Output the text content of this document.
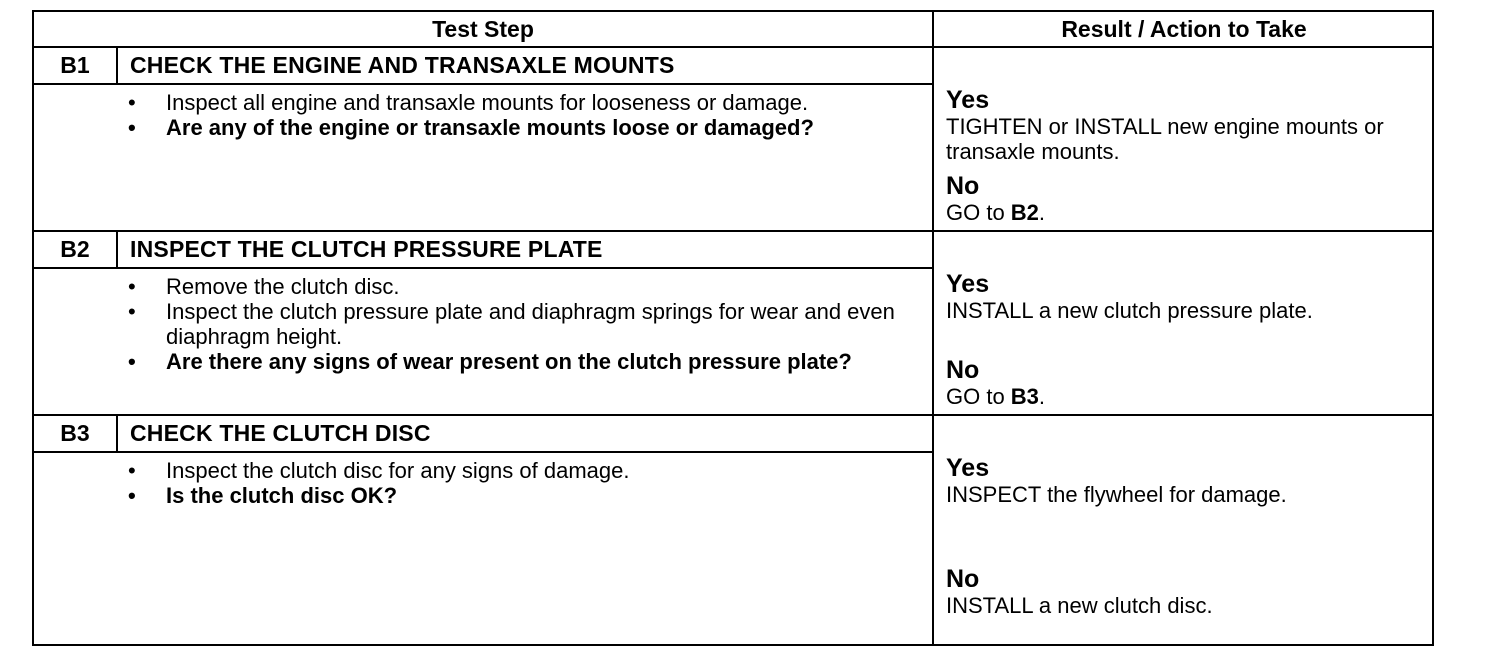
Test Step	Result / Action to Take
B1	CHECK THE ENGINE AND TRANSAXLE MOUNTS
• Inspect all engine and transaxle mounts for looseness or damage.
• Are any of the engine or transaxle mounts loose or damaged?
Yes
TIGHTEN or INSTALL new engine mounts or transaxle mounts.
No
GO to B2.
B2	INSPECT THE CLUTCH PRESSURE PLATE
• Remove the clutch disc.
• Inspect the clutch pressure plate and diaphragm springs for wear and even diaphragm height.
• Are there any signs of wear present on the clutch pressure plate?
Yes
INSTALL a new clutch pressure plate.
No
GO to B3.
B3	CHECK THE CLUTCH DISC
• Inspect the clutch disc for any signs of damage.
• Is the clutch disc OK?
Yes
INSPECT the flywheel for damage.
No
INSTALL a new clutch disc.
